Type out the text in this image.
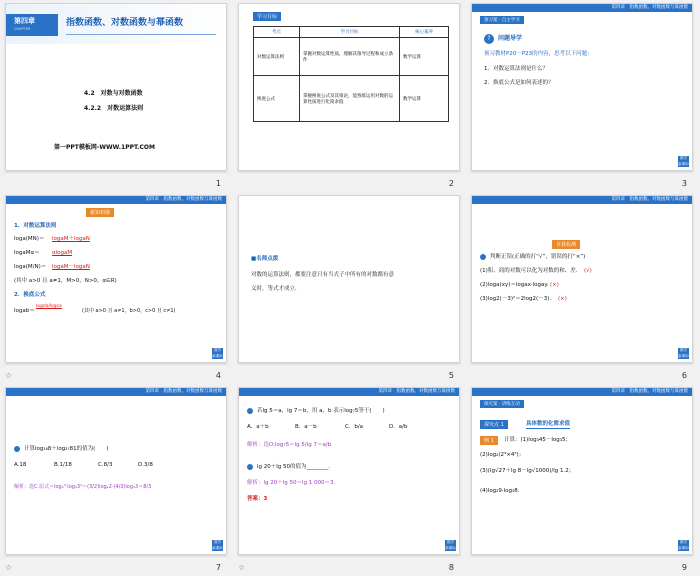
第四章
CHAPTER
指数函数、对数函数与幂函数
4.2　对数与对数函数
4.2.2　对数运算法则
第一PPT模板网-WWW.1PPT.COM
1
学习目标
考点	学习目标	核心素养
对数运算法则	掌握对数运算性质，理解其推导过程和成立条件	数学运算
换底公式	掌握换底公式及其推论，能熟练运用对数的运算性质进行化简求值	数学运算
2
第四章　指数函数、对数函数与幂函数
预习案 · 自主学习
?	问题导学
预习教材P20－P23的内容，思考以下问题：
1．对数运算法则是什么？
2．换底公式是如何表述的？
数学 新课标
3
第四章　指数函数、对数函数与幂函数
新知初探
1．对数运算法则
loga(MN)＝ logaM＋logaN
logaMα＝ αlogaM
loga(M/N)＝ logaM－logaN
(其中 a>0 且 a≠1，M>0，N>0，α∈R)
2．换底公式
logab＝
logcb/logca
(其中 a>0 且 a≠1，b>0，c>0 且 c≠1)
数学 新课标
☆	4
■名师点拨
对数的运算法则，都要注意只有当式子中所有的对数都有意
义时，等式才成立.
5
第四章　指数函数、对数函数与幂函数
自我检测
判断正误(正确的打“√”，错误的打“×”)
(1)积、商的对数可以化为对数的和、差. (√)
(2)loga(xy)＝logax·logay. (×)
(3)log2(－3)²＝2log2(－3). (×)
数学 新课标
6
第四章　指数函数、对数函数与幂函数
计算log₁₆8＋log₂₇81的值为(　　)
A.18	B.1/18	C.8/3	D.3/8
解析：选C.原式＝log₂³·log₃3⁴＝(3/2)log₂2·(4/3)log₃3＝8/3
数学 新课标
☆	7
第四章　指数函数、对数函数与幂函数
若lg 5＝a，lg 7＝b，用 a，b 表示log₇5等于(　　)
A．a＋b	B．a－b	C．b/a	D．a/b
解析：选D.log₇5＝lg 5/lg 7＝a/b
lg 20＋lg 50的值为________.
解析：lg 20＋lg 50＝lg 1 000＝3.
答案：3
数学 新课标
☆	8
第四章　指数函数、对数函数与幂函数
探究案 · 讲练互动
探究点 1	具体数的化简求值
例 1	计算：(1)log₃45－log₃5；
(2)log₂(2³×4⁵)；
(3)(lg√27＋lg 8－lg√1000)/lg 1.2；
(4)log₂9·log₃8.
数学 新课标
9
